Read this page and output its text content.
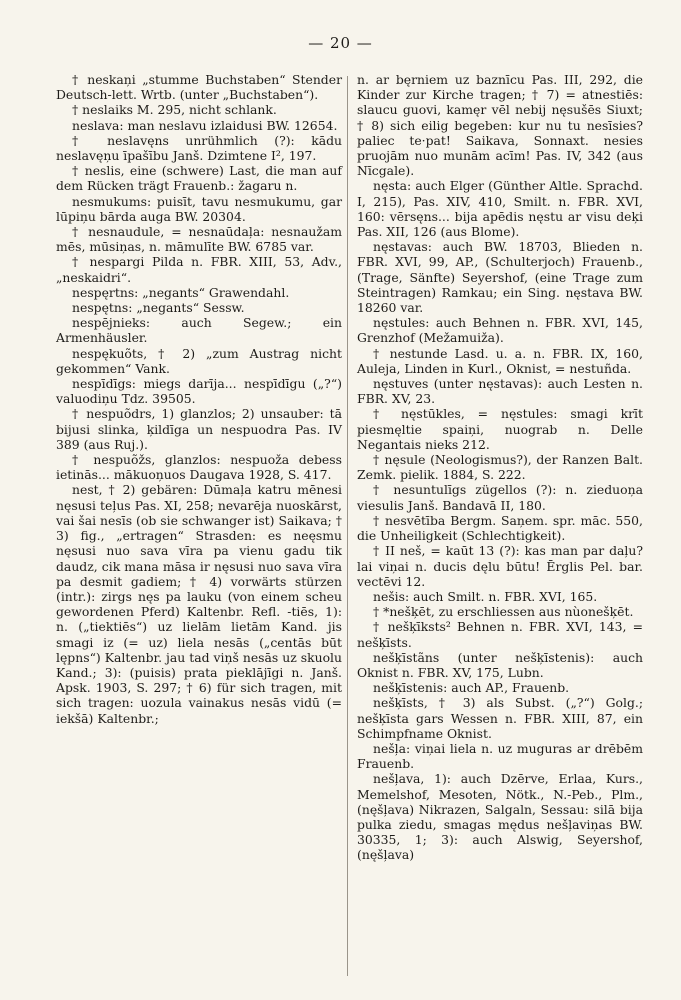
— 20 —
† neskaņi „stumme Buchstaben“ Stender Deutsch-lett. Wrtb. (unter „Buchstaben“).
† neslaiks M. 295, nicht schlank.
neslava: man neslavu izlaidusi BW. 12654.
† neslavęns unrühmlich (?): kādu neslavęņu īpašību Janš. Dzimtene I², 197.
† neslis, eine (schwere) Last, die man auf dem Rücken trägt Frauenb.: žagaru n.
nesmukums: puisīt, tavu nesmukumu, gar lūpiņu bārda auga BW. 20304.
† nesnaudule, = nesnaūdaļa: nesnaužam mēs, mūsiņas, n. māmulīte BW. 6785 var.
† nespargi Pilda n. FBR. XIII, 53, Adv., „neskaidri“.
nespęrtns: „negants“ Grawendahl.
nespętns: „negants“ Sessw.
nespējnieks: auch Segew.; ein Armenhäusler.
nespękuõts, † 2) „zum Austrag nicht gekommen“ Vank.
nespīdīgs: miegs darīja... nespīdīgu („?“) valuodiņu Tdz. 39505.
† nespuõdrs, 1) glanzlos; 2) unsauber: tā bijusi slinka, ķildīga un nespuodra Pas. IV 389 (aus Ruj.).
† nespuõžs, glanzlos: nespuoža debess ietinās... mākuoņuos Daugava 1928, S. 417.
nest, † 2) gebären: Dūmaļa katru mēnesi nęsusi teļus Pas. XI, 258; nevarēja nuoskārst, vai šai nesīs (ob sie schwanger ist) Saikava; † 3) fig., „ertragen“ Strasden: es neęsmu nęsusi nuo sava vīra pa vienu gadu tik daudz, cik mana māsa ir nęsusi nuo sava vīra pa desmit gadiem; † 4) vorwärts stürzen (intr.): zirgs nęs pa lauku (von einem scheu gewordenen Pferd) Kaltenbr. Refl. -tiēs, 1): n. („tiektiēs“) uz lielām lietām Kand. jis smagi iz (= uz) liela nesās („centās būt lępns“) Kaltenbr. jau tad viņš nesās uz skuolu Kand.; 3): (puisis) prata pieklājīgi n. Janš. Apsk. 1903, S. 297; † 6) für sich tragen, mit sich tragen: uozula vainakus nesās vidū (= iekšā) Kaltenbr.;
n. ar bęrniem uz baznīcu Pas. III, 292, die Kinder zur Kirche tragen; † 7) = atnestiēs: slaucu guovi, kamęr vēl nebij nęsušēs Siuxt; † 8) sich eilig begeben: kur nu tu nesīsies? paliec te·pat! Saikava, Sonnaxt. nesies pruojām nuo munām acīm! Pas. IV, 342 (aus Nīcgale).
nęsta: auch Elger (Günther Altle. Sprachd. I, 215), Pas. XIV, 410, Smilt. n. FBR. XVI, 160: vērsęns... bija apēdis nęstu ar visu deķi Pas. XII, 126 (aus Blome).
nęstavas: auch BW. 18703, Blieden n. FBR. XVI, 99, AP., (Schulterjoch) Frauenb., (Trage, Sänfte) Seyershof, (eine Trage zum Steintragen) Ramkau; ein Sing. nęstava BW. 18260 var.
nęstules: auch Behnen n. FBR. XVI, 145, Grenzhof (Mežamuiža).
† nestunde Lasd. u. a. n. FBR. IX, 160, Auleja, Linden in Kurl., Oknist, = nestuñda.
nęstuves (unter nęstavas): auch Lesten n. FBR. XV, 23.
† nęstūkles, = nęstules: smagi krīt piesmęltie spaiņi, nuograb n. Delle Negantais nieks 212.
† nęsule (Neologismus?), der Ranzen Balt. Zemk. pielik. 1884, S. 222.
† nesuntulīgs zügellos (?): n. zieduoņa viesulis Janš. Bandavā II, 180.
† nesvētība Bergm. Saņem. spr. māc. 550, die Unheiligkeit (Schlechtigkeit).
† II neš, = kaūt 13 (?): kas man par daļu? lai viņai n. ducis dęlu būtu! Ērglis Pel. bar. vectēvi 12.
nešis: auch Smilt. n. FBR. XVI, 165.
† *nešķēt, zu erschliessen aus nùonešķēt.
† nešķīksts² Behnen n. FBR. XVI, 143, = nešķīsts.
nešķīstãns (unter nešķīstenis): auch Oknist n. FBR. XV, 175, Lubn.
nešķīstenis: auch AP., Frauenb.
nešķīsts, † 3) als Subst. („?“) Golg.; nešķīsta gars Wessen n. FBR. XIII, 87, ein Schimpfname Oknist.
nešļa: viņai liela n. uz muguras ar drēbēm Frauenb.
nešļava, 1): auch Dzērve, Erlaa, Kurs., Memelshof, Mesoten, Nötk., N.-Peb., Plm., (nęšļava) Nikrazen, Salgaln, Sessau: silā bija pulka ziedu, smagas mędus nešļaviņas BW. 30335, 1; 3): auch Alswig, Seyershof, (nęšļava)
